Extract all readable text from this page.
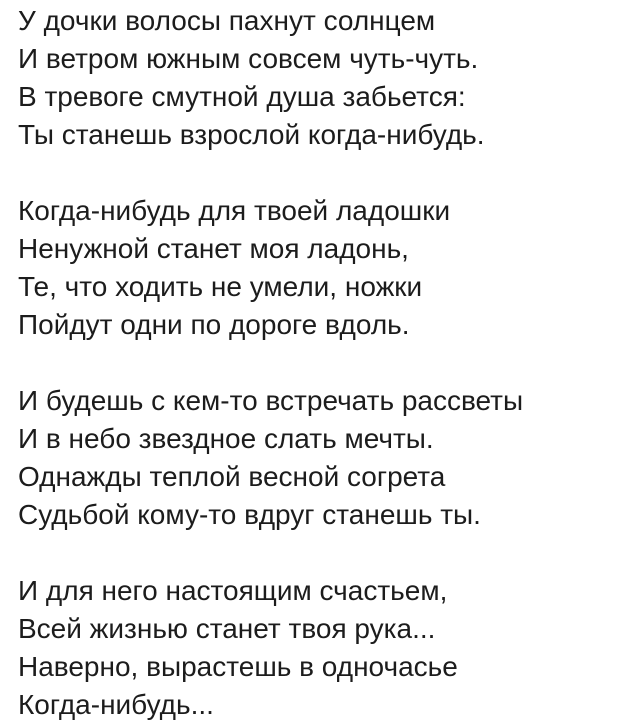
У дочки волосы пахнут солнцем

И ветром южным совсем чуть-чуть.

В тревоге смутной душа забьется:

Ты станешь взрослой когда-нибудь.

Когда-нибудь для твоей ладошки

Ненужной станет моя ладонь,

Те, что ходить не умели, ножки

Пойдут одни по дороге вдоль.

И будешь с кем-то встречать рассветы

И в небо звездное слать мечты.

Однажды теплой весной согрета

Судьбой кому-то вдруг станешь ты.

И для него настоящим счастьем,

Всей жизнью станет твоя рука...

Наверно, вырастешь в одночасье

Когда-нибудь...
